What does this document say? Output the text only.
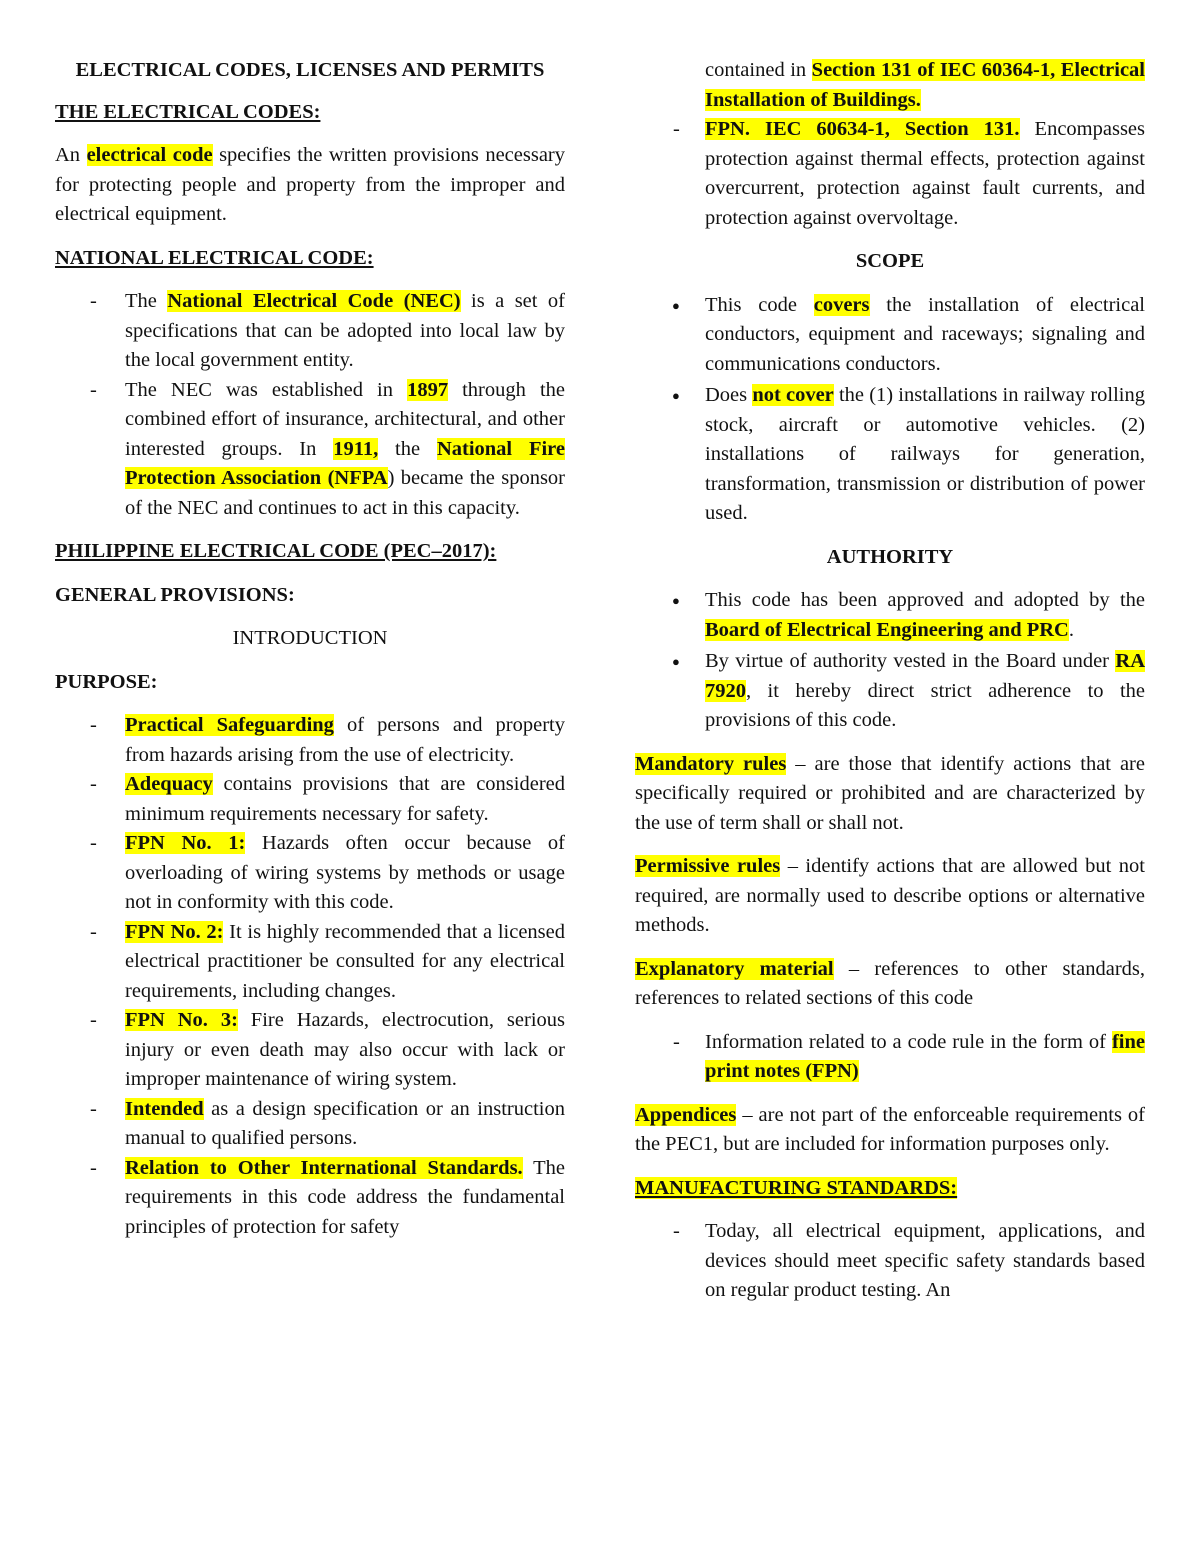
ELECTRICAL CODES, LICENSES AND PERMITS

THE ELECTRICAL CODES:

An electrical code specifies the written provisions necessary for protecting people and property from the improper and electrical equipment.

NATIONAL ELECTRICAL CODE:

- The National Electrical Code (NEC) is a set of specifications that can be adopted into local law by the local government entity.
- The NEC was established in 1897 through the combined effort of insurance, architectural, and other interested groups. In 1911, the National Fire Protection Association (NFPA) became the sponsor of the NEC and continues to act in this capacity.

PHILIPPINE ELECTRICAL CODE (PEC–2017):

GENERAL PROVISIONS:

INTRODUCTION

PURPOSE:

- Practical Safeguarding of persons and property from hazards arising from the use of electricity.
- Adequacy contains provisions that are considered minimum requirements necessary for safety.
- FPN No. 1: Hazards often occur because of overloading of wiring systems by methods or usage not in conformity with this code.
- FPN No. 2: It is highly recommended that a licensed electrical practitioner be consulted for any electrical requirements, including changes.
- FPN No. 3: Fire Hazards, electrocution, serious injury or even death may also occur with lack or improper maintenance of wiring system.
- Intended as a design specification or an instruction manual to qualified persons.
- Relation to Other International Standards. The requirements in this code address the fundamental principles of protection for safety
contained in Section 131 of IEC 60364-1, Electrical Installation of Buildings.
- FPN. IEC 60634-1, Section 131. Encompasses protection against thermal effects, protection against overcurrent, protection against fault currents, and protection against overvoltage.

SCOPE

● This code covers the installation of electrical conductors, equipment and raceways; signaling and communications conductors.
● Does not cover the (1) installations in railway rolling stock, aircraft or automotive vehicles. (2) installations of railways for generation, transformation, transmission or distribution of power used.

AUTHORITY

● This code has been approved and adopted by the Board of Electrical Engineering and PRC.
● By virtue of authority vested in the Board under RA 7920, it hereby direct strict adherence to the provisions of this code.

Mandatory rules – are those that identify actions that are specifically required or prohibited and are characterized by the use of term shall or shall not.

Permissive rules – identify actions that are allowed but not required, are normally used to describe options or alternative methods.

Explanatory material – references to other standards, references to related sections of this code

- Information related to a code rule in the form of fine print notes (FPN)

Appendices – are not part of the enforceable requirements of the PEC1, but are included for information purposes only.

MANUFACTURING STANDARDS:

- Today, all electrical equipment, applications, and devices should meet specific safety standards based on regular product testing. An
